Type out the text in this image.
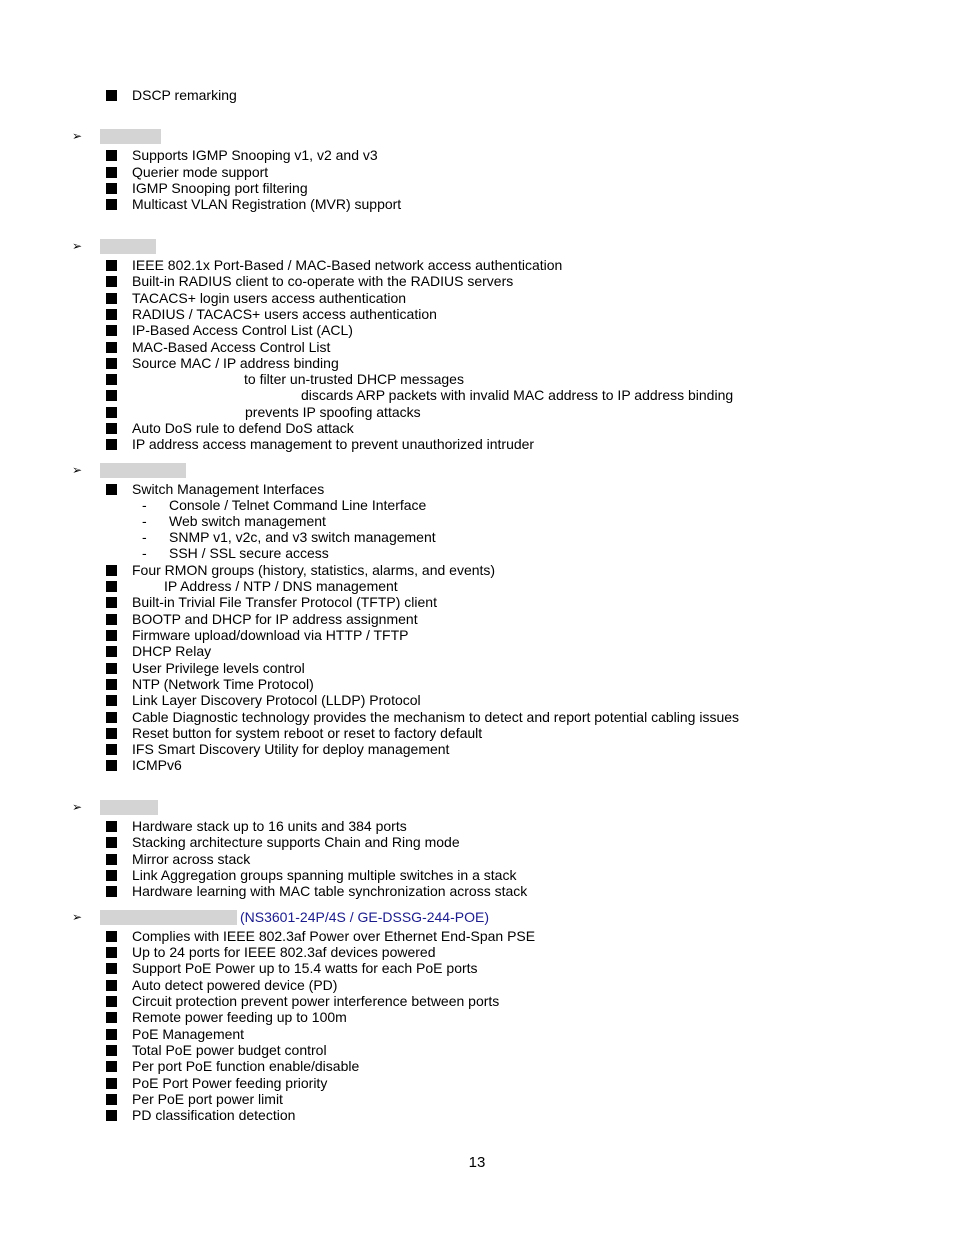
DSCP remarking
➢
Supports IGMP Snooping v1, v2 and v3
Querier mode support
IGMP Snooping port filtering
Multicast VLAN Registration (MVR) support
➢
IEEE 802.1x Port-Based / MAC-Based network access authentication
Built-in RADIUS client to co-operate with the RADIUS servers
TACACS+ login users access authentication
RADIUS / TACACS+ users access authentication
IP-Based Access Control List (ACL)
MAC-Based Access Control List
Source MAC / IP address binding
to filter un-trusted DHCP messages
discards ARP packets with invalid MAC address to IP address binding
prevents IP spoofing attacks
Auto DoS rule to defend DoS attack
IP address access management to prevent unauthorized intruder
➢
Switch Management Interfaces
- Console / Telnet Command Line Interface
- Web switch management
- SNMP v1, v2c, and v3 switch management
- SSH / SSL secure access
Four RMON groups (history, statistics, alarms, and events)
IP Address / NTP / DNS management
Built-in Trivial File Transfer Protocol (TFTP) client
BOOTP and DHCP for IP address assignment
Firmware upload/download via HTTP / TFTP
DHCP Relay
User Privilege levels control
NTP (Network Time Protocol)
Link Layer Discovery Protocol (LLDP) Protocol
Cable Diagnostic technology provides the mechanism to detect and report potential cabling issues
Reset button for system reboot or reset to factory default
IFS Smart Discovery Utility for deploy management
ICMPv6
➢
Hardware stack up to 16 units and 384 ports
Stacking architecture supports Chain and Ring mode
Mirror across stack
Link Aggregation groups spanning multiple switches in a stack
Hardware learning with MAC table synchronization across stack
➢	(NS3601-24P/4S / GE-DSSG-244-POE)
Complies with IEEE 802.3af Power over Ethernet End-Span PSE
Up to 24 ports for IEEE 802.3af devices powered
Support PoE Power up to 15.4 watts for each PoE ports
Auto detect powered device (PD)
Circuit protection prevent power interference between ports
Remote power feeding up to 100m
PoE Management
Total PoE power budget control
Per port PoE function enable/disable
PoE Port Power feeding priority
Per PoE port power limit
PD classification detection
13
